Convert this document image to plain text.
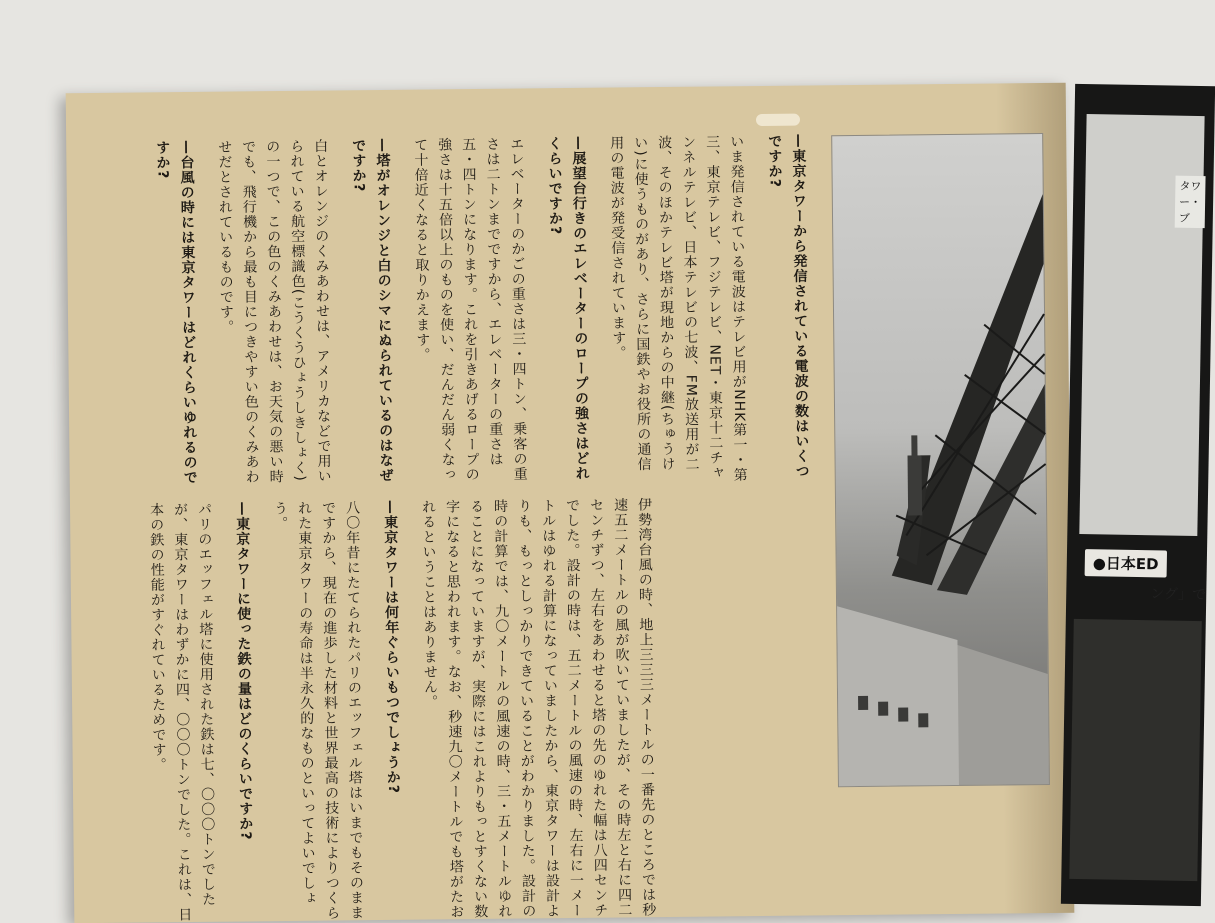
—東京タワーから発信されている電波の数はいくつですか?

いま発信されている電波はテレビ用がNHK第一・第三、東京テレビ、フジテレビ、NET・東京十二チャンネルテレビ、日本テレビの七波、FM放送用が二波、そのほかテレビ塔が現地からの中継(ちゅうけい)に使うものがあり、さらに国鉄やお役所の通信用の電波が発受信されています。

—展望台行きのエレベーターのロープの強さはどれくらいですか?

エレベーターのかごの重さは三・四トン、乗客の重さは二トンまでですから、エレベーターの重さは五・四トンになります。これを引きあげるロープの強さは十五倍以上のものを使い、だんだん弱くなって十倍近くなると取りかえます。

—塔がオレンジと白のシマにぬられているのはなぜですか?

白とオレンジのくみあわせは、アメリカなどで用いられている航空標識色(こうくうひょうしきしょく)の一つで、この色のくみあわせは、お天気の悪い時でも、飛行機から最も目につきやすい色のくみあわせだとされているものです。

—台風の時には東京タワーはどれくらいゆれるのですか?

伊勢湾台風の時、地上三三三メートルの一番先のところでは秒速五二メートルの風が吹いていましたが、その時左と右に四二センチずつ、左右をあわせると塔の先のゆれた幅は八四センチでした。設計の時は、五二メートルの風速の時、左右に一メートルはゆれる計算になっていましたから、東京タワーは設計よりも、もっとしっかりできていることがわかりました。設計の時の計算では、九〇メートルの風速の時、三・五メートルゆれることになっていますが、実際にはこれよりもっとすくない数字になると思われます。なお、秒速九〇メートルでも塔がたおれるということはありません。

—東京タワーは何年ぐらいもつでしょうか?

八〇年昔にたてられたパリのエッフェル塔はいまでもそのままですから、現在の進歩した材料と世界最高の技術によりつくられた東京タワーの寿命は半永久的なものといってよいでしょう。

—東京タワーに使った鉄の量はどのくらいですか?

パリのエッフェル塔に使用された鉄は七、〇〇〇トンでしたが、東京タワーはわずかに四、〇〇〇トンでした。これは、日本の鉄の性能がすぐれているためです。

タワー・ブ
●日本ED
ング」で
